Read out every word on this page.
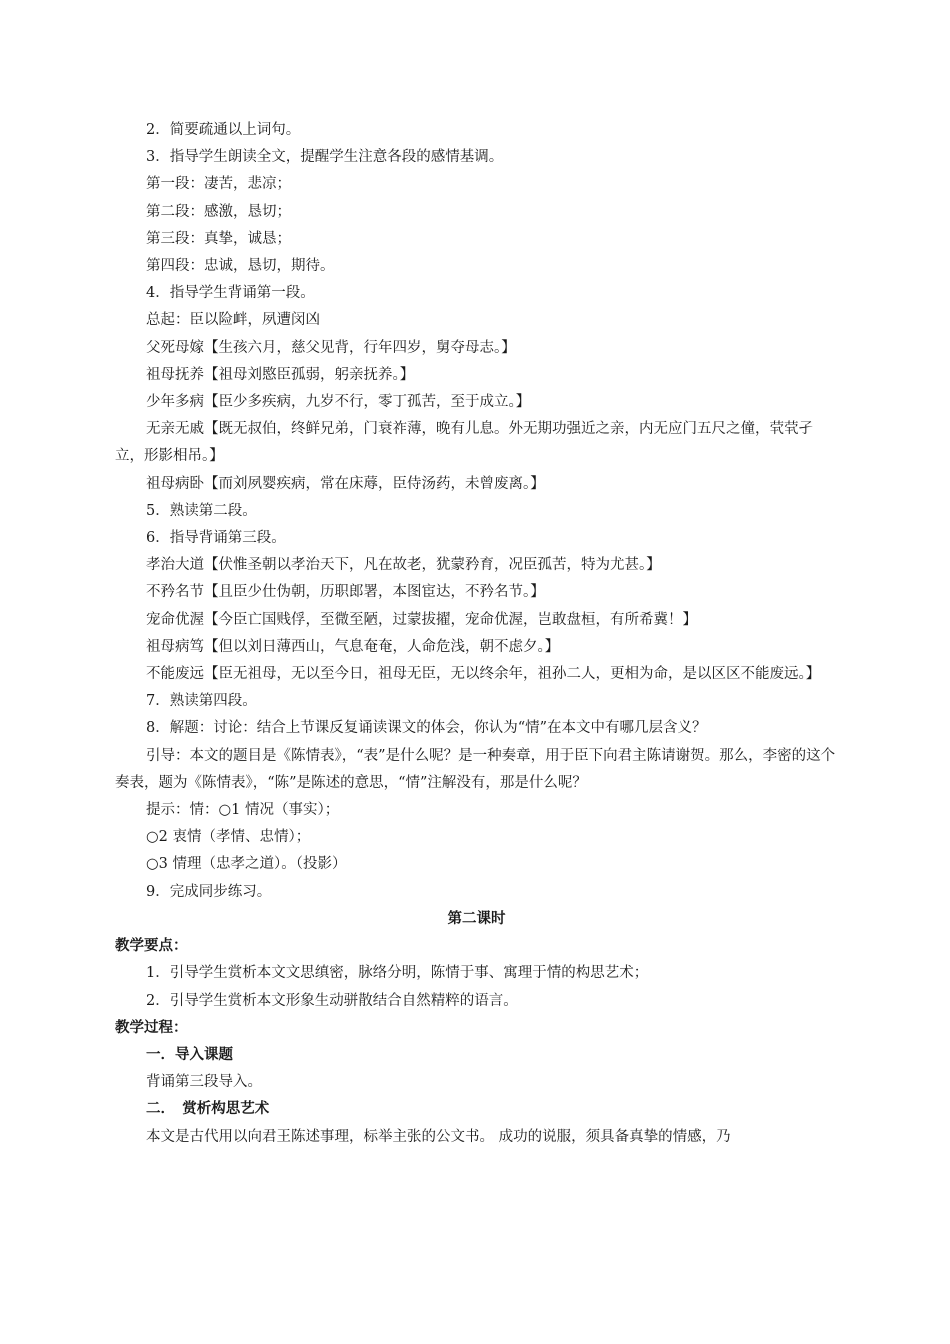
2．简要疏通以上词句。

3．指导学生朗读全文，提醒学生注意各段的感情基调。

第一段：凄苦，悲凉；

第二段：感激，恳切；

第三段：真挚，诚恳；

第四段：忠诚，恳切，期待。

4．指导学生背诵第一段。

总起：臣以险衅，夙遭闵凶

父死母嫁【生孩六月，慈父见背，行年四岁，舅夺母志。】

祖母抚养【祖母刘愍臣孤弱，躬亲抚养。】

少年多病【臣少多疾病，九岁不行，零丁孤苦，至于成立。】

无亲无戚【既无叔伯，终鲜兄弟，门衰祚薄，晚有儿息。外无期功强近之亲，内无应门五尺之僮，茕茕孑立，形影相吊。】

祖母病卧【而刘夙婴疾病，常在床蓐，臣侍汤药，未曾废离。】

5．熟读第二段。

6．指导背诵第三段。

孝治大道【伏惟圣朝以孝治天下，凡在故老，犹蒙矜育，况臣孤苦，特为尤甚。】

不矜名节【且臣少仕伪朝，历职郎署，本图宦达，不矜名节。】

宠命优渥【今臣亡国贱俘，至微至陋，过蒙拔擢，宠命优渥，岂敢盘桓，有所希冀！】

祖母病笃【但以刘日薄西山，气息奄奄，人命危浅，朝不虑夕。】

不能废远【臣无祖母，无以至今日，祖母无臣，无以终余年，祖孙二人，更相为命，是以区区不能废远。】

7．熟读第四段。

8．解题：讨论：结合上节课反复诵读课文的体会，你认为“情”在本文中有哪几层含义？

引导：本文的题目是《陈情表》，“表”是什么呢？是一种奏章，用于臣下向君主陈请谢贺。那么，李密的这个奏表，题为《陈情表》，“陈”是陈述的意思，“情”注解没有，那是什么呢？

提示：情：○1 情况（事实）；

○2 衷情（孝情、忠情）；

○3 情理（忠孝之道）。（投影）

9．完成同步练习。

第二课时

教学要点：

1．引导学生赏析本文文思缜密，脉络分明，陈情于事、寓理于情的构思艺术；

2．引导学生赏析本文形象生动骈散结合自然精粹的语言。

教学过程：

一．导入课题

背诵第三段导入。

二．　赏析构思艺术

本文是古代用以向君王陈述事理，标举主张的公文书。 成功的说服，须具备真挚的情感，乃
